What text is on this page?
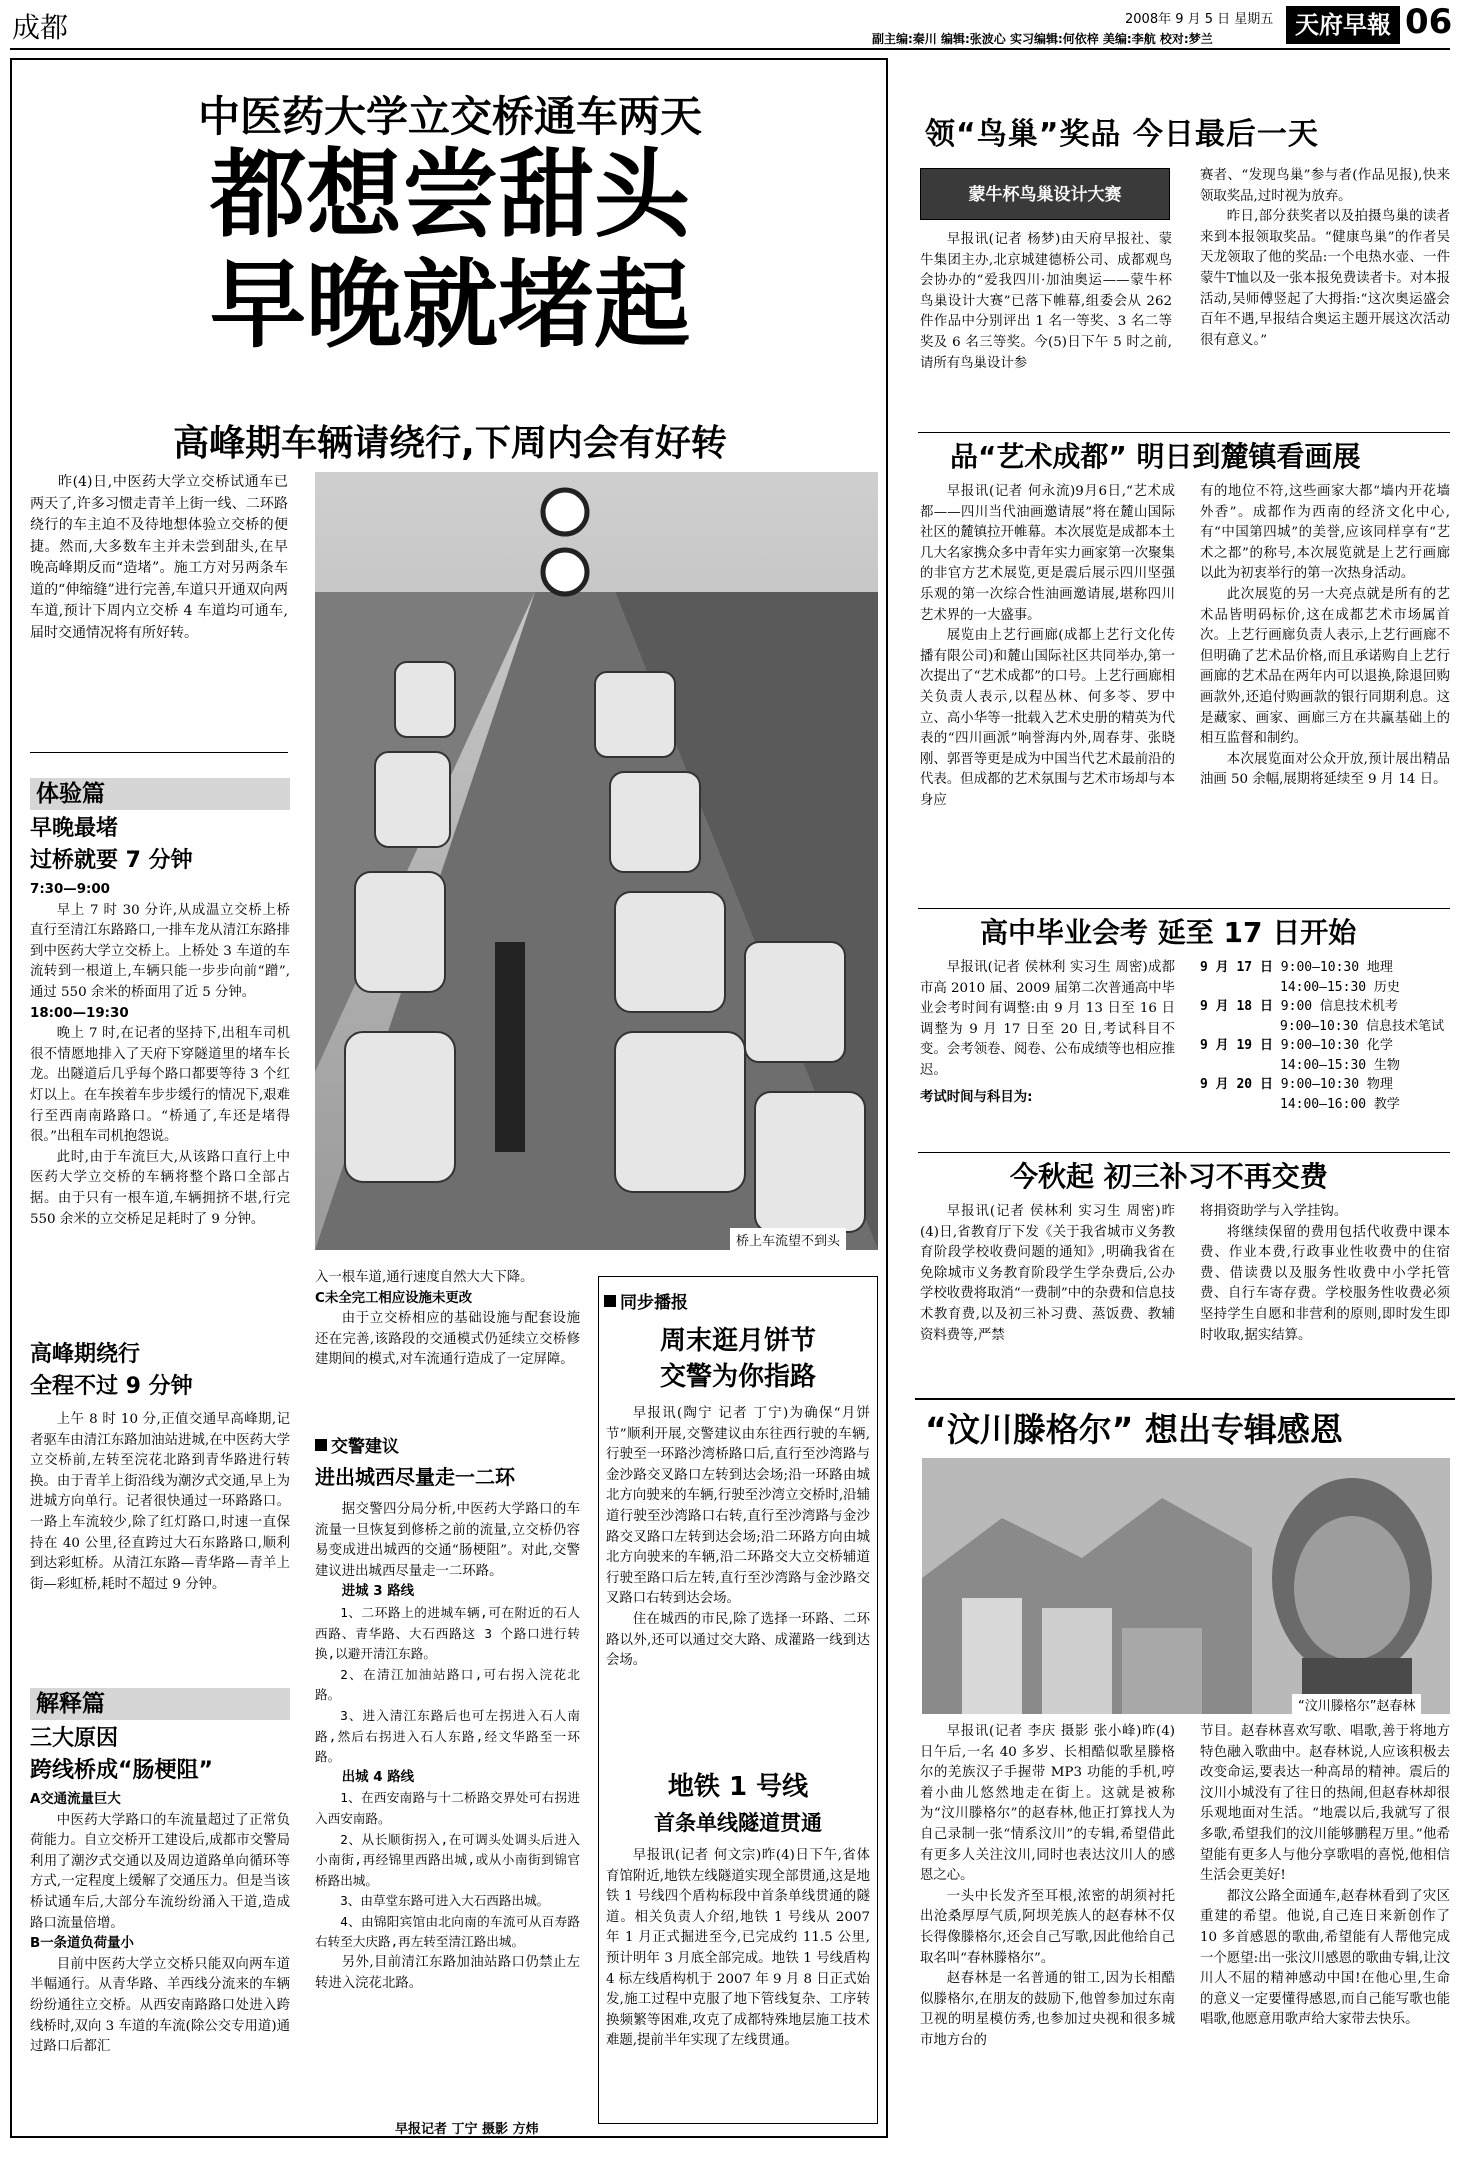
成都	2008年 9 月 5 日 星期五
副主编:秦川 编辑:张波心 实习编辑:何依梓 美编:李航 校对:梦兰	天府早報 06
中医药大学立交桥通车两天
都想尝甜头
早晚就堵起
高峰期车辆请绕行,下周内会有好转

昨(4)日,中医药大学立交桥试通车已两天了,许多习惯走青羊上街一线、二环路绕行的车主迫不及待地想体验立交桥的便捷。然而,大多数车主并未尝到甜头,在早晚高峰期反而“造堵”。施工方对另两条车道的“伸缩缝”进行完善,车道只开通双向两车道,预计下周内立交桥 4 车道均可通车,届时交通情况将有所好转。

体验篇
早晚最堵
过桥就要 7 分钟

7:30—9:00

早上 7 时 30 分许,从成温立交桥上桥直行至清江东路路口,一排车龙从清江东路排到中医药大学立交桥上。上桥处 3 车道的车流转到一根道上,车辆只能一步步向前“蹭”,通过 550 余米的桥面用了近 5 分钟。

18:00—19:30

晚上 7 时,在记者的坚持下,出租车司机很不情愿地排入了天府下穿隧道里的堵车长龙。出隧道后几乎每个路口都要等待 3 个红灯以上。在车挨着车步步缓行的情况下,艰难行至西南南路路口。“桥通了,车还是堵得很。”出租车司机抱怨说。

此时,由于车流巨大,从该路口直行上中医药大学立交桥的车辆将整个路口全部占据。由于只有一根车道,车辆拥挤不堪,行完 550 余米的立交桥足足耗时了 9 分钟。

高峰期绕行
全程不过 9 分钟

上午 8 时 10 分,正值交通早高峰期,记者驱车由清江东路加油站进城,在中医药大学立交桥前,左转至浣花北路到青华路进行转换。由于青羊上街沿线为潮汐式交通,早上为进城方向单行。记者很快通过一环路路口。一路上车流较少,除了红灯路口,时速一直保持在 40 公里,径直跨过大石东路路口,顺利到达彩虹桥。从清江东路—青华路—青羊上街—彩虹桥,耗时不超过 9 分钟。

解释篇
三大原因
跨线桥成“肠梗阻”

A交通流量巨大

中医药大学路口的车流量超过了正常负荷能力。自立交桥开工建设后,成都市交警局利用了潮汐式交通以及周边道路单向循环等方式,一定程度上缓解了交通压力。但是当该桥试通车后,大部分车流纷纷涌入干道,造成路口流量倍增。

B一条道负荷量小

目前中医药大学立交桥只能双向两车道半幅通行。从青华路、羊西线分流来的车辆纷纷通往立交桥。从西安南路路口处进入跨线桥时,双向 3 车道的车流(除公交专用道)通过路口后都汇

桥上车流望不到头

入一根车道,通行速度自然大大下降。

C未全完工相应设施未更改

由于立交桥相应的基础设施与配套设施还在完善,该路段的交通模式仍延续立交桥修建期间的模式,对车流通行造成了一定屏障。

交警建议
进出城西尽量走一二环

据交警四分局分析,中医药大学路口的车流量一旦恢复到修桥之前的流量,立交桥仍容易变成进出城西的交通“肠梗阻”。对此,交警建议进出城西尽量走一二环路。

进城 3 路线

1、二环路上的进城车辆,可在附近的石人西路、青华路、大石西路这 3 个路口进行转换,以避开清江东路。

2、在清江加油站路口,可右拐入浣花北路。

3、进入清江东路后也可左拐进入石人南路,然后右拐进入石人东路,经文华路至一环路。

出城 4 路线

1、在西安南路与十二桥路交界处可右拐进入西安南路。

2、从长顺街拐入,在可调头处调头后进入小南街,再经锦里西路出城,或从小南街到锦官桥路出城。

3、由草堂东路可进入大石西路出城。

4、由锦阳宾馆由北向南的车流可从百寿路右转至大庆路,再左转至清江路出城。

另外,目前清江东路加油站路口仍禁止左转进入浣花北路。

早报记者 丁宁 摄影 方炜
同步播报
周末逛月饼节
交警为你指路

早报讯(陶宁 记者 丁宁)为确保“月饼节”顺利开展,交警建议由东往西行驶的车辆,行驶至一环路沙湾桥路口后,直行至沙湾路与金沙路交叉路口左转到达会场;沿一环路由城北方向驶来的车辆,行驶至沙湾立交桥时,沿辅道行驶至沙湾路口右转,直行至沙湾路与金沙路交叉路口左转到达会场;沿二环路方向由城北方向驶来的车辆,沿二环路交大立交桥辅道行驶至路口后左转,直行至沙湾路与金沙路交叉路口右转到达会场。

住在城西的市民,除了选择一环路、二环路以外,还可以通过交大路、成灌路一线到达会场。

地铁 1 号线
首条单线隧道贯通

早报讯(记者 何文宗)昨(4)日下午,省体育馆附近,地铁左线隧道实现全部贯通,这是地铁 1 号线四个盾构标段中首条单线贯通的隧道。相关负责人介绍,地铁 1 号线从 2007 年 1 月正式掘进至今,已完成约 11.5 公里,预计明年 3 月底全部完成。地铁 1 号线盾构 4 标左线盾构机于 2007 年 9 月 8 日正式始发,施工过程中克服了地下管线复杂、工序转换频繁等困难,攻克了成都特殊地层施工技术难题,提前半年实现了左线贯通。

领“鸟巢”奖品 今日最后一天
蒙牛杯鸟巢设计大赛

早报讯(记者 杨梦)由天府早报社、蒙牛集团主办,北京城建德桥公司、成都观鸟会协办的“爱我四川·加油奥运——蒙牛杯鸟巢设计大赛”已落下帷幕,组委会从 262 件作品中分别评出 1 名一等奖、3 名二等奖及 6 名三等奖。今(5)日下午 5 时之前,请所有鸟巢设计参

赛者、“发现鸟巢”参与者(作品见报),快来领取奖品,过时视为放弃。

昨日,部分获奖者以及拍摄鸟巢的读者来到本报领取奖品。“健康鸟巢”的作者吴天龙领取了他的奖品:一个电热水壶、一件蒙牛T恤以及一张本报免费读者卡。对本报活动,吴师傅竖起了大拇指:“这次奥运盛会百年不遇,早报结合奥运主题开展这次活动很有意义。”

品“艺术成都” 明日到麓镇看画展

早报讯(记者 何永流)9月6日,“艺术成都——四川当代油画邀请展”将在麓山国际社区的麓镇拉开帷幕。本次展览是成都本土几大名家携众多中青年实力画家第一次聚集的非官方艺术展览,更是震后展示四川坚强乐观的第一次综合性油画邀请展,堪称四川艺术界的一大盛事。

展览由上艺行画廊(成都上艺行文化传播有限公司)和麓山国际社区共同举办,第一次提出了“艺术成都”的口号。上艺行画廊相关负责人表示,以程丛林、何多苓、罗中立、高小华等一批载入艺术史册的精英为代表的“四川画派”响誉海内外,周春芽、张晓刚、郭晋等更是成为中国当代艺术最前沿的代表。但成都的艺术氛围与艺术市场却与本身应

有的地位不符,这些画家大都“墙内开花墙外香”。成都作为西南的经济文化中心,有“中国第四城”的美誉,应该同样享有“艺术之都”的称号,本次展览就是上艺行画廊以此为初衷举行的第一次热身活动。

此次展览的另一大亮点就是所有的艺术品皆明码标价,这在成都艺术市场属首次。上艺行画廊负责人表示,上艺行画廊不但明确了艺术品价格,而且承诺购自上艺行画廊的艺术品在两年内可以退换,除退回购画款外,还追付购画款的银行同期利息。这是藏家、画家、画廊三方在共赢基础上的相互监督和制约。

本次展览面对公众开放,预计展出精品油画 50 余幅,展期将延续至 9 月 14 日。

高中毕业会考 延至 17 日开始

早报讯(记者 侯林利 实习生 周密)成都市高 2010 届、2009 届第二次普通高中毕业会考时间有调整:由 9 月 13 日至 16 日调整为 9 月 17 日至 20 日,考试科目不变。会考领卷、阅卷、公布成绩等也相应推迟。

考试时间与科目为:

9 月 17 日 9:00—10:30 地理
14:00—15:30 历史
9 月 18 日 9:00 信息技术机考
9:00—10:30 信息技术笔试
9 月 19 日 9:00—10:30 化学
14:00—15:30 生物
9 月 20 日 9:00—10:30 物理
14:00—16:00 教学
今秋起 初三补习不再交费

早报讯(记者 侯林利 实习生 周密)昨(4)日,省教育厅下发《关于我省城市义务教育阶段学校收费问题的通知》,明确我省在免除城市义务教育阶段学生学杂费后,公办学校收费将取消“一费制”中的杂费和信息技术教育费,以及初三补习费、蒸饭费、教辅资料费等,严禁

将捐资助学与入学挂钩。

将继续保留的费用包括代收费中课本费、作业本费,行政事业性收费中的住宿费、借读费以及服务性收费中小学托管费、自行车寄存费。学校服务性收费必须坚持学生自愿和非营利的原则,即时发生即时收取,据实结算。

“汶川滕格尔” 想出专辑感恩
“汶川滕格尔”赵春林

早报讯(记者 李庆 摄影 张小峰)昨(4)日午后,一名 40 多岁、长相酷似歌星滕格尔的羌族汉子手握带 MP3 功能的手机,哼着小曲儿悠然地走在街上。这就是被称为“汶川滕格尔”的赵春林,他正打算找人为自己录制一张“情系汶川”的专辑,希望借此有更多人关注汶川,同时也表达汶川人的感恩之心。

一头中长发齐至耳根,浓密的胡须衬托出沧桑厚厚气质,阿坝羌族人的赵春林不仅长得像滕格尔,还会自己写歌,因此他给自己取名叫“春林滕格尔”。

赵春林是一名普通的钳工,因为长相酷似滕格尔,在朋友的鼓励下,他曾参加过东南卫视的明星模仿秀,也参加过央视和很多城市地方台的

节目。赵春林喜欢写歌、唱歌,善于将地方特色融入歌曲中。赵春林说,人应该积极去改变命运,要表达一种高昂的精神。震后的汶川小城没有了往日的热闹,但赵春林却很乐观地面对生活。“地震以后,我就写了很多歌,希望我们的汶川能够鹏程万里。”他希望能有更多人与他分享歌唱的喜悦,他相信生活会更美好!

都汶公路全面通车,赵春林看到了灾区重建的希望。他说,自己连日来新创作了 10 多首感恩的歌曲,希望能有人帮他完成一个愿望:出一张汶川感恩的歌曲专辑,让汶川人不屈的精神感动中国!在他心里,生命的意义一定要懂得感恩,而自己能写歌也能唱歌,他愿意用歌声给大家带去快乐。
